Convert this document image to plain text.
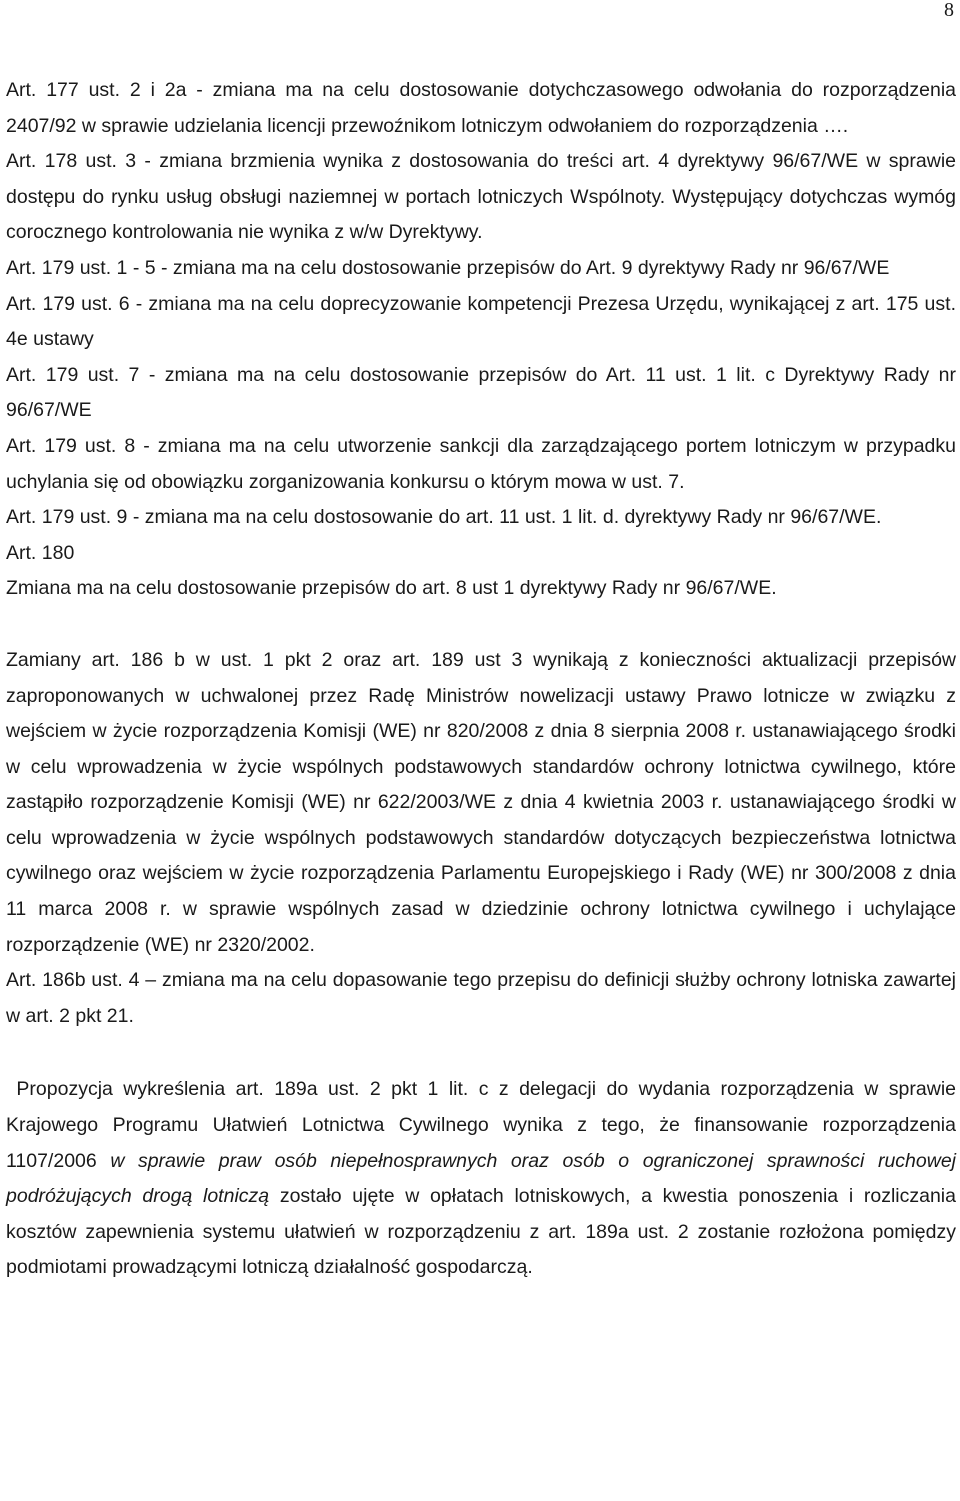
8

Art. 177 ust. 2 i 2a - zmiana ma na celu dostosowanie dotychczasowego odwołania do rozporządzenia 2407/92 w sprawie udzielania licencji przewoźnikom lotniczym odwołaniem do rozporządzenia ….

Art. 178 ust. 3 - zmiana brzmienia wynika z dostosowania do treści art. 4 dyrektywy 96/67/WE w sprawie dostępu do rynku usług obsługi naziemnej w portach lotniczych Wspólnoty. Występujący dotychczas wymóg corocznego kontrolowania nie wynika z w/w Dyrektywy.

Art. 179 ust. 1 - 5 - zmiana ma na celu dostosowanie przepisów do Art. 9 dyrektywy Rady nr 96/67/WE

Art. 179 ust. 6 - zmiana ma na celu doprecyzowanie kompetencji Prezesa Urzędu, wynikającej z art. 175 ust. 4e ustawy

Art. 179 ust. 7 - zmiana ma na celu dostosowanie przepisów do Art. 11 ust. 1 lit. c Dyrektywy Rady nr 96/67/WE

Art. 179 ust. 8 - zmiana ma na celu utworzenie sankcji dla zarządzającego portem lotniczym w przypadku uchylania się od obowiązku zorganizowania konkursu o którym mowa w ust. 7.

Art. 179 ust. 9 - zmiana ma na celu dostosowanie do art. 11 ust. 1 lit. d. dyrektywy Rady nr 96/67/WE.

Art. 180

Zmiana ma na celu dostosowanie przepisów do art. 8 ust 1 dyrektywy Rady nr 96/67/WE.

Zamiany art. 186 b w ust. 1 pkt 2 oraz art. 189 ust 3 wynikają z konieczności aktualizacji przepisów zaproponowanych w uchwalonej przez Radę Ministrów nowelizacji ustawy Prawo lotnicze w związku z wejściem w życie rozporządzenia Komisji (WE) nr 820/2008 z dnia 8 sierpnia 2008 r. ustanawiającego środki w celu wprowadzenia w życie wspólnych podstawowych standardów ochrony lotnictwa cywilnego, które zastąpiło rozporządzenie Komisji (WE) nr 622/2003/WE z dnia 4 kwietnia 2003 r. ustanawiającego środki w celu wprowadzenia w życie wspólnych podstawowych standardów dotyczących bezpieczeństwa lotnictwa cywilnego oraz wejściem w życie rozporządzenia Parlamentu Europejskiego i Rady (WE) nr 300/2008 z dnia 11 marca 2008 r. w sprawie wspólnych zasad w dziedzinie ochrony lotnictwa cywilnego i uchylające rozporządzenie (WE) nr 2320/2002.

Art. 186b ust. 4 – zmiana ma na celu dopasowanie tego przepisu do definicji służby ochrony lotniska zawartej w art. 2 pkt 21.

Propozycja wykreślenia art. 189a ust. 2 pkt 1 lit. c z delegacji do wydania rozporządzenia w sprawie Krajowego Programu Ułatwień Lotnictwa Cywilnego wynika z tego, że finansowanie rozporządzenia 1107/2006 w sprawie praw osób niepełnosprawnych oraz osób o ograniczonej sprawności ruchowej podróżujących drogą lotniczą zostało ujęte w opłatach lotniskowych, a kwestia ponoszenia i rozliczania kosztów zapewnienia systemu ułatwień w rozporządzeniu z art. 189a ust. 2 zostanie rozłożona pomiędzy podmiotami prowadzącymi lotniczą działalność gospodarczą.
